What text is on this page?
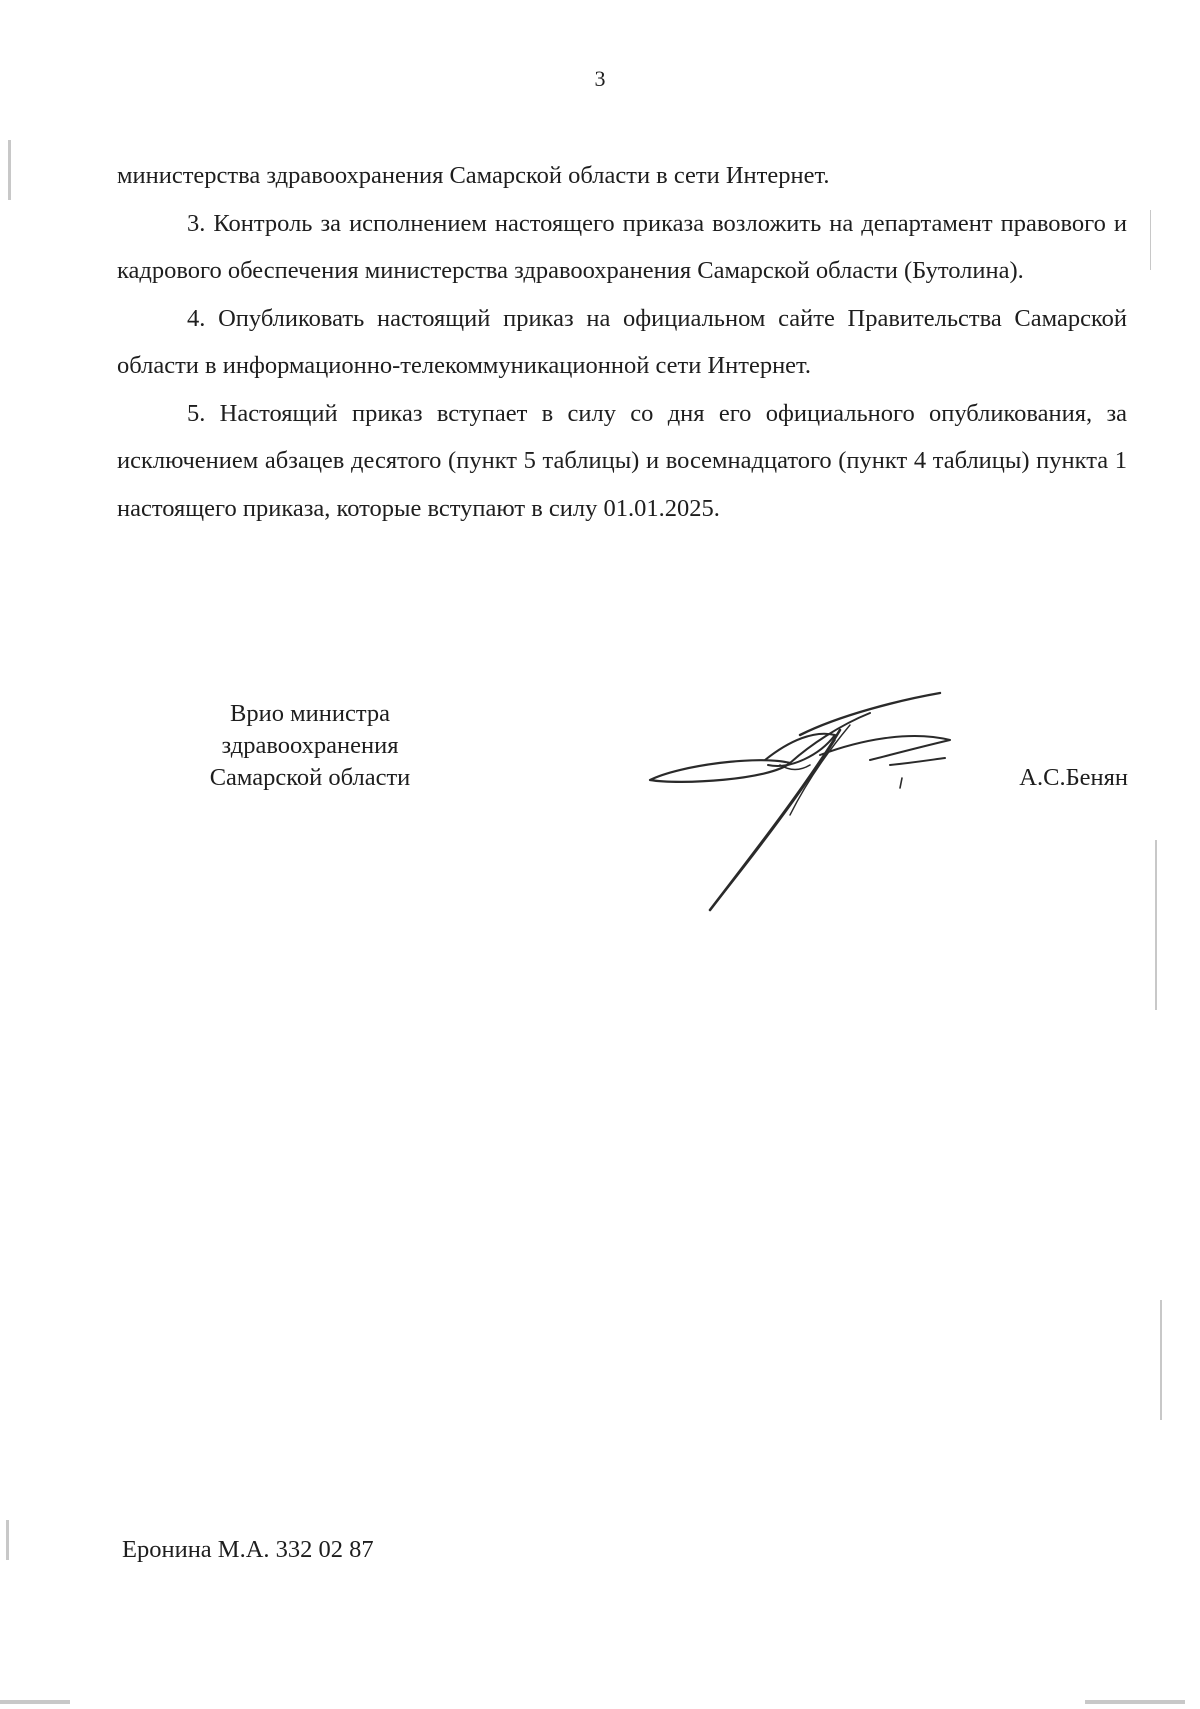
3

министерства здравоохранения Самарской области в сети Интернет.

3. Контроль за исполнением настоящего приказа возложить на департамент правового и кадрового обеспечения министерства здравоохранения Самарской области (Бутолина).

4. Опубликовать настоящий приказ на официальном сайте Правительства Самарской области в информационно-телекоммуникационной сети Интернет.

5. Настоящий приказ вступает в силу со дня его официального опубликования, за исключением абзацев десятого (пункт 5 таблицы) и восемнадцатого (пункт 4 таблицы) пункта 1 настоящего приказа, которые вступают в силу 01.01.2025.

Врио министра
здравоохранения
Самарской области	А.С.Бенян
Еронина М.А. 332 02 87
